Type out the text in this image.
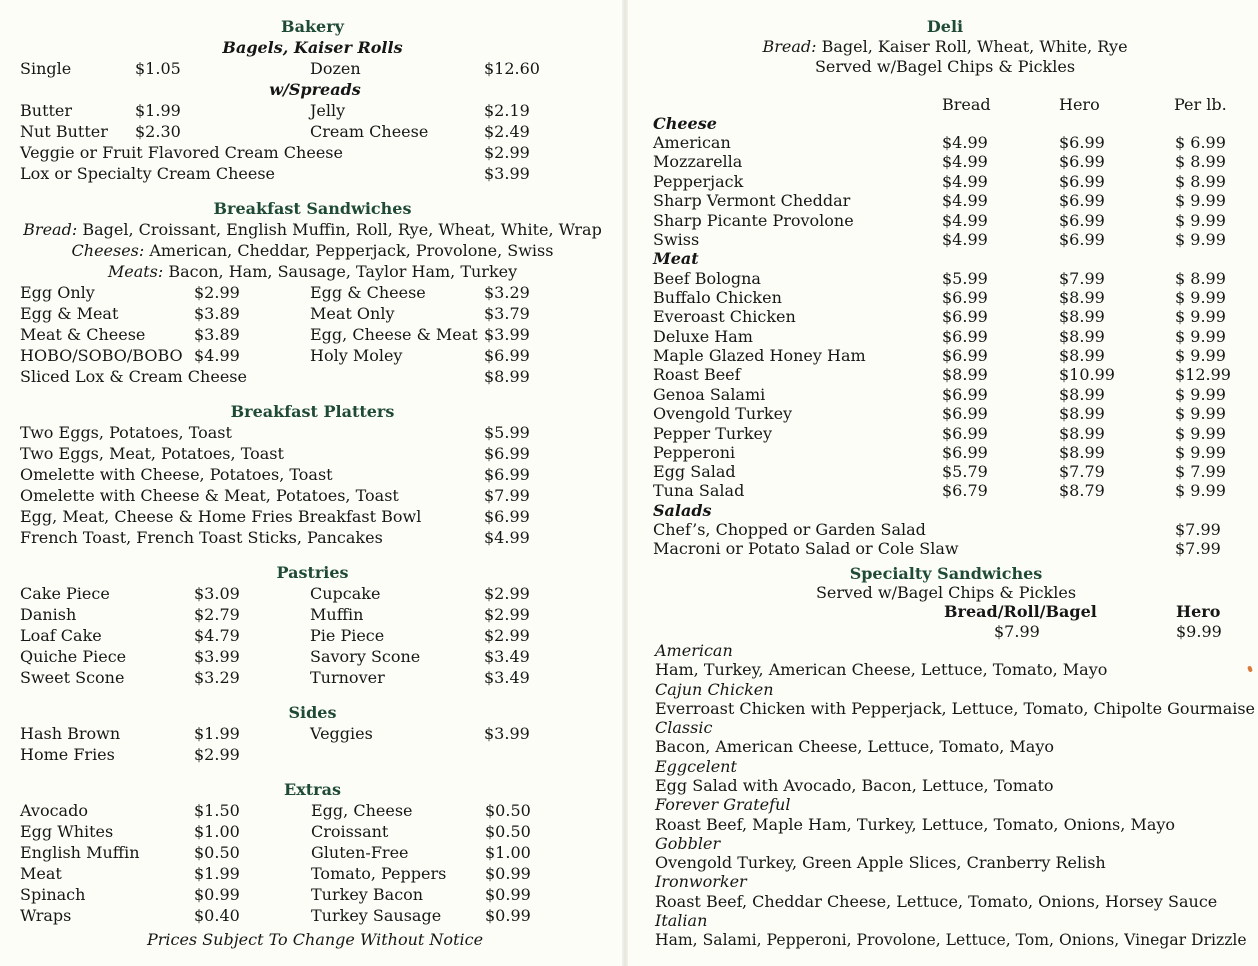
Bakery
Bagels, Kaiser Rolls
Single	$1.05	Dozen	$12.60
w/Spreads
Butter	$1.99	Jelly	$2.19
Nut Butter $2.30	Cream Cheese	$2.49
Veggie or Fruit Flavored Cream Cheese	$2.99
Lox or Specialty Cream Cheese	$3.99
Breakfast Sandwiches
Bread: Bagel, Croissant, English Muffin, Roll, Rye, Wheat, White, Wrap
Cheeses: American, Cheddar, Pepperjack, Provolone, Swiss
Meats: Bacon, Ham, Sausage, Taylor Ham, Turkey
Egg Only	$2.99	Egg & Cheese	$3.29
Egg & Meat	$3.89	Meat Only	$3.79
Meat & Cheese	$3.89	Egg, Cheese & Meat $3.99
HOBO/SOBO/BOBO $4.99	Holy Moley	$6.99
Sliced Lox & Cream Cheese	$8.99
Breakfast Platters
Two Eggs, Potatoes, Toast	$5.99
Two Eggs, Meat, Potatoes, Toast	$6.99
Omelette with Cheese, Potatoes, Toast	$6.99
Omelette with Cheese & Meat, Potatoes, Toast	$7.99
Egg, Meat, Cheese & Home Fries Breakfast Bowl	$6.99
French Toast, French Toast Sticks, Pancakes	$4.99
Pastries
Cake Piece	$3.09	Cupcake	$2.99
Danish	$2.79	Muffin	$2.99
Loaf Cake	$4.79	Pie Piece	$2.99
Quiche Piece	$3.99	Savory Scone	$3.49
Sweet Scone	$3.29	Turnover	$3.49
Sides
Hash Brown	$1.99	Veggies	$3.99
Home Fries	$2.99
Extras
Avocado	$1.50	Egg, Cheese	$0.50
Egg Whites	$1.00	Croissant	$0.50
English Muffin	$0.50	Gluten-Free	$1.00
Meat	$1.99	Tomato, Peppers $0.99
Spinach	$0.99	Turkey Bacon	$0.99
Wraps	$0.40	Turkey Sausage	$0.99
Prices Subject To Change Without Notice
Deli
Bread: Bagel, Kaiser Roll, Wheat, White, Rye
Served w/Bagel Chips & Pickles
Bread	Hero	Per lb.
Cheese
American	$4.99	$6.99	$ 6.99
Mozzarella	$4.99	$6.99	$ 8.99
Pepperjack	$4.99	$6.99	$ 8.99
Sharp Vermont Cheddar	$4.99	$6.99	$ 9.99
Sharp Picante Provolone	$4.99	$6.99	$ 9.99
Swiss	$4.99	$6.99	$ 9.99
Meat
Beef Bologna	$5.99	$7.99	$ 8.99
Buffalo Chicken	$6.99	$8.99	$ 9.99
Everoast Chicken	$6.99	$8.99	$ 9.99
Deluxe Ham	$6.99	$8.99	$ 9.99
Maple Glazed Honey Ham	$6.99	$8.99	$ 9.99
Roast Beef	$8.99	$10.99	$12.99
Genoa Salami	$6.99	$8.99	$ 9.99
Ovengold Turkey	$6.99	$8.99	$ 9.99
Pepper Turkey	$6.99	$8.99	$ 9.99
Pepperoni	$6.99	$8.99	$ 9.99
Egg Salad	$5.79	$7.79	$ 7.99
Tuna Salad	$6.79	$8.79	$ 9.99
Salads
Chef’s, Chopped or Garden Salad	$7.99
Macroni or Potato Salad or Cole Slaw	$7.99
Specialty Sandwiches
Served w/Bagel Chips & Pickles
Bread/Roll/Bagel	Hero
$7.99	$9.99
American
Ham, Turkey, American Cheese, Lettuce, Tomato, Mayo
Cajun Chicken
Everroast Chicken with Pepperjack, Lettuce, Tomato, Chipolte Gourmaise
Classic
Bacon, American Cheese, Lettuce, Tomato, Mayo
Eggcelent
Egg Salad with Avocado, Bacon, Lettuce, Tomato
Forever Grateful
Roast Beef, Maple Ham, Turkey, Lettuce, Tomato, Onions, Mayo
Gobbler
Ovengold Turkey, Green Apple Slices, Cranberry Relish
Ironworker
Roast Beef, Cheddar Cheese, Lettuce, Tomato, Onions, Horsey Sauce
Italian
Ham, Salami, Pepperoni, Provolone, Lettuce, Tom, Onions, Vinegar Drizzle
